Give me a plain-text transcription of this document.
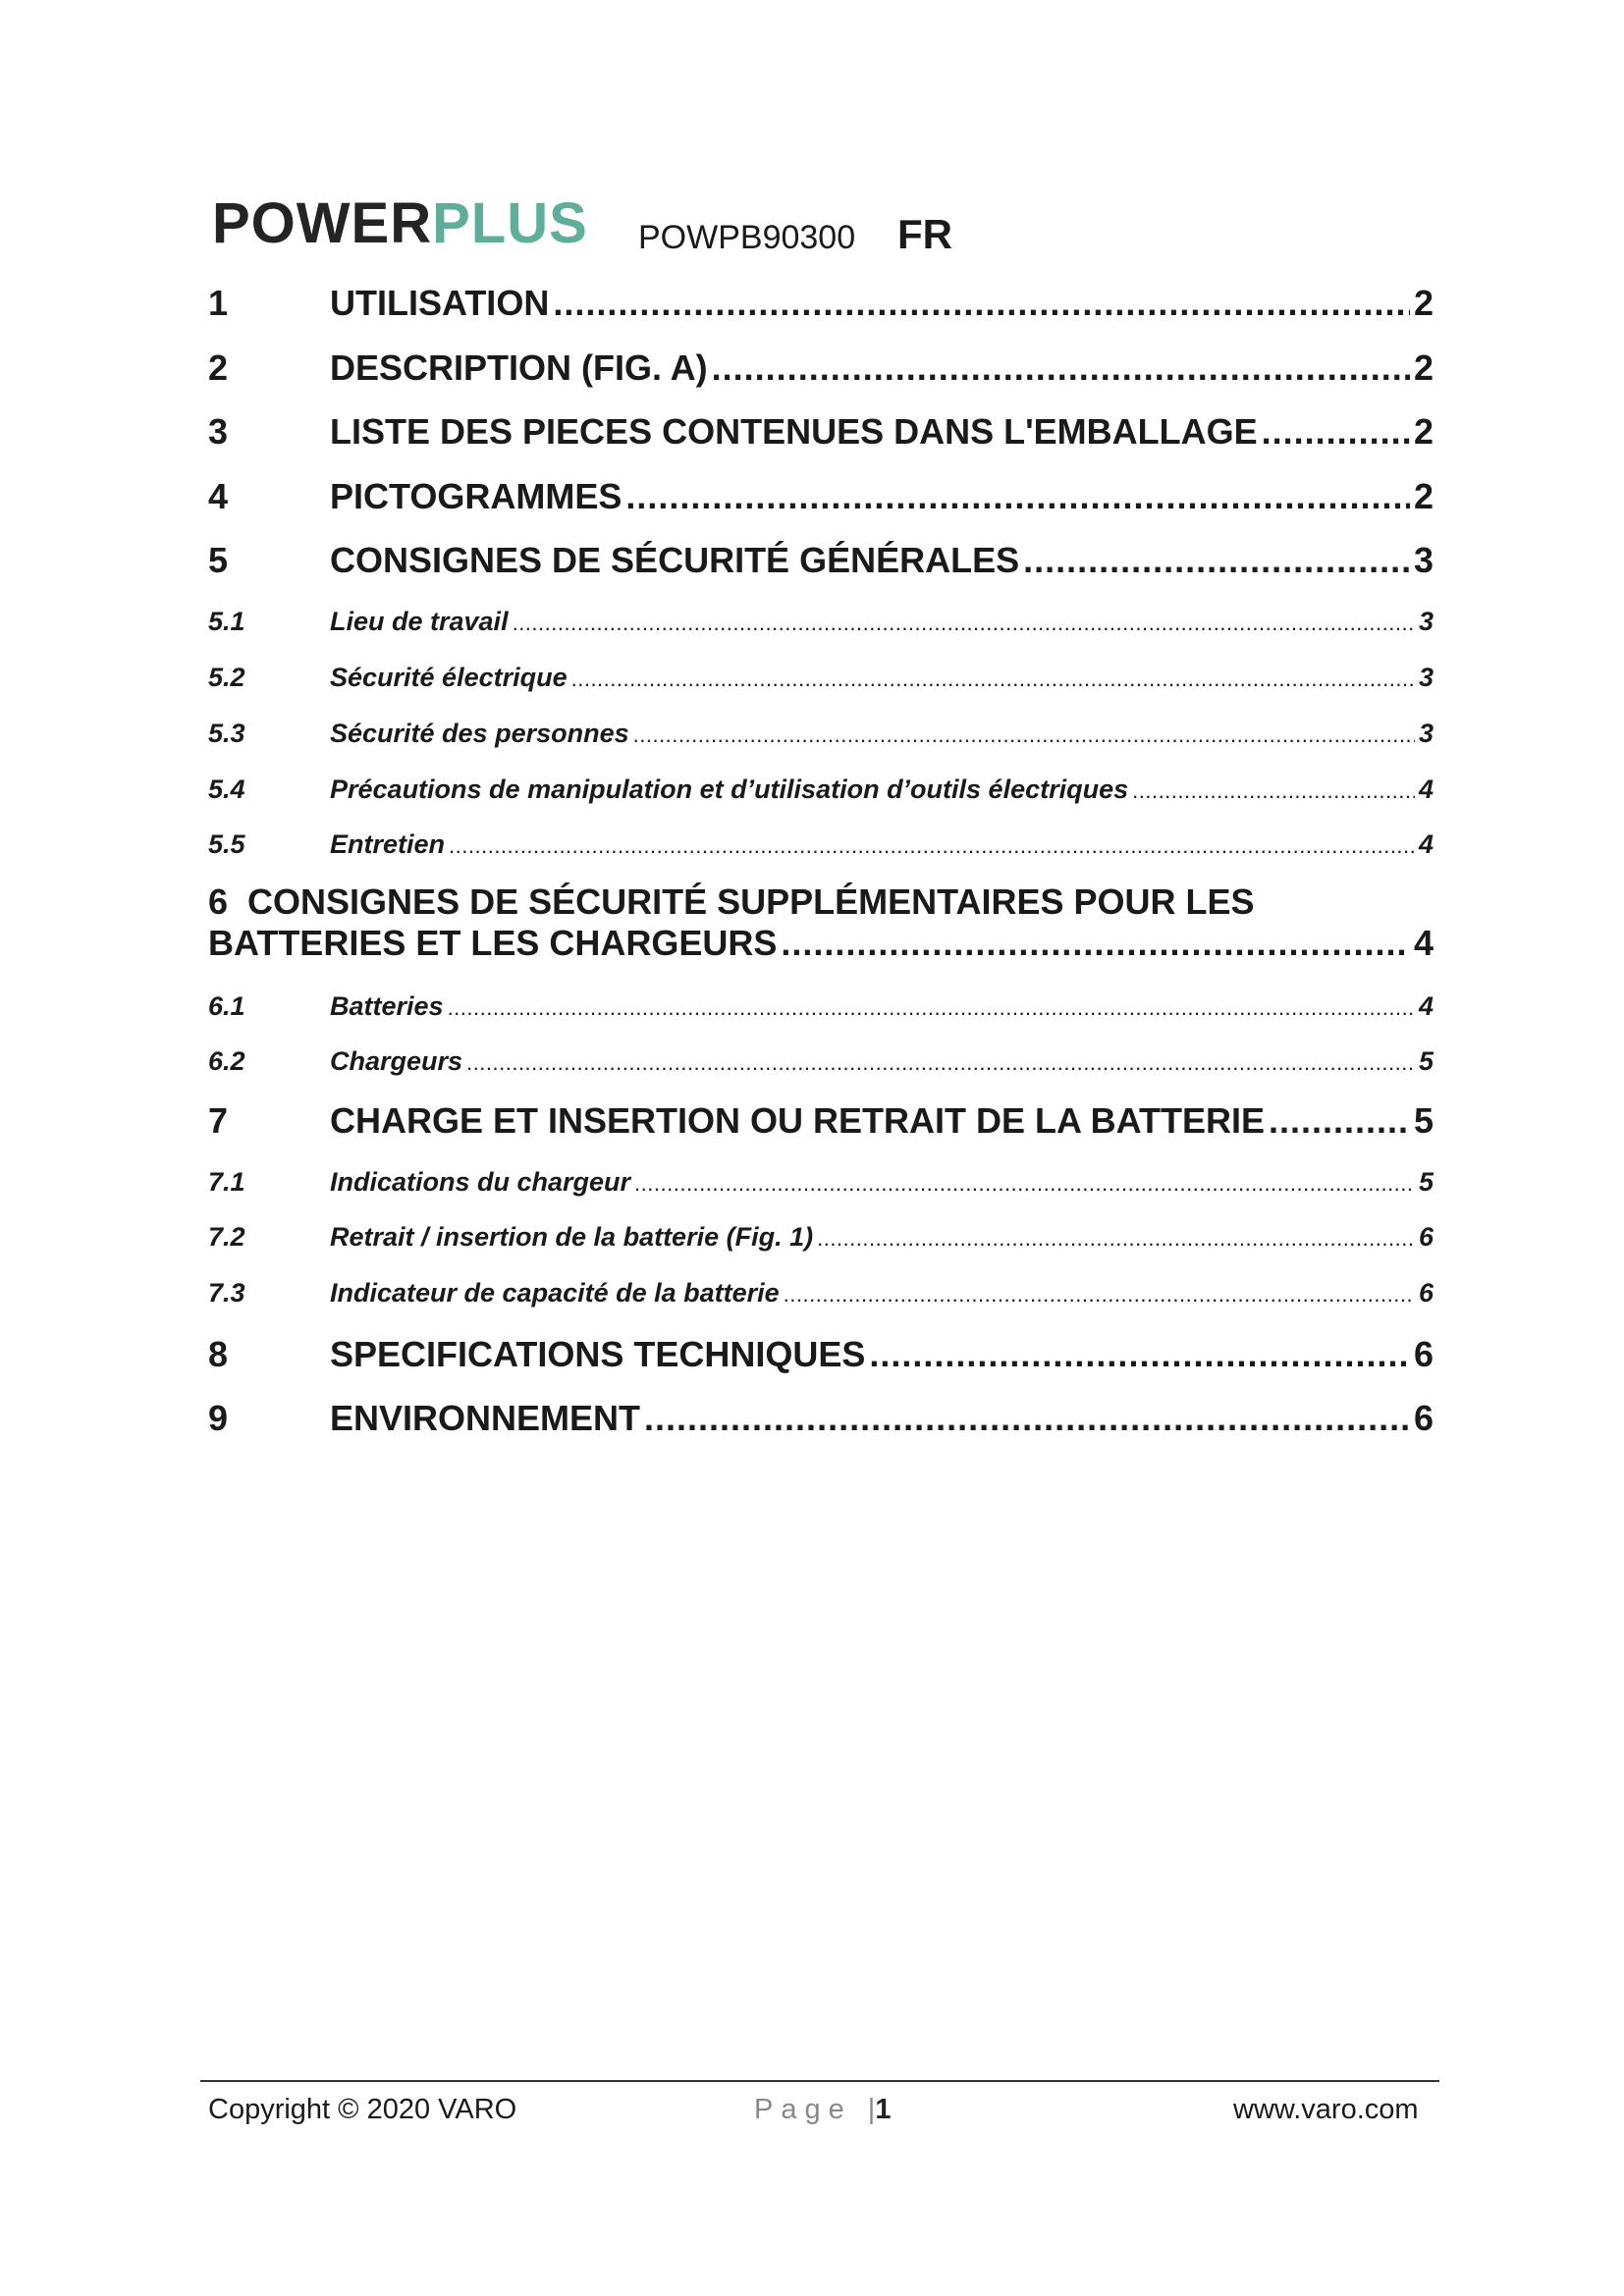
POWERPLUS POWPB90300 FR
1	UTILISATION .....	2
2	DESCRIPTION (FIG. A) .....	2
3	LISTE DES PIECES CONTENUES DANS L'EMBALLAGE .....	2
4	PICTOGRAMMES .....	2
5	CONSIGNES DE SÉCURITÉ GÉNÉRALES .....	3
5.1	Lieu de travail .....	3
5.2	Sécurité électrique .....	3
5.3	Sécurité des personnes .....	3
5.4	Précautions de manipulation et d’utilisation d’outils électriques .....	4
5.5	Entretien .....	4
6 CONSIGNES DE SÉCURITÉ SUPPLÉMENTAIRES POUR LES
BATTERIES ET LES CHARGEURS .....	4
6.1	Batteries .....	4
6.2	Chargeurs .....	5
7	CHARGE ET INSERTION OU RETRAIT DE LA BATTERIE .....	5
7.1	Indications du chargeur .....	5
7.2	Retrait / insertion de la batterie (Fig. 1) .....	6
7.3	Indicateur de capacité de la batterie .....	6
8	SPECIFICATIONS TECHNIQUES .....	6
9	ENVIRONNEMENT .....	6
Copyright © 2020 VARO	Page |1	www.varo.com
